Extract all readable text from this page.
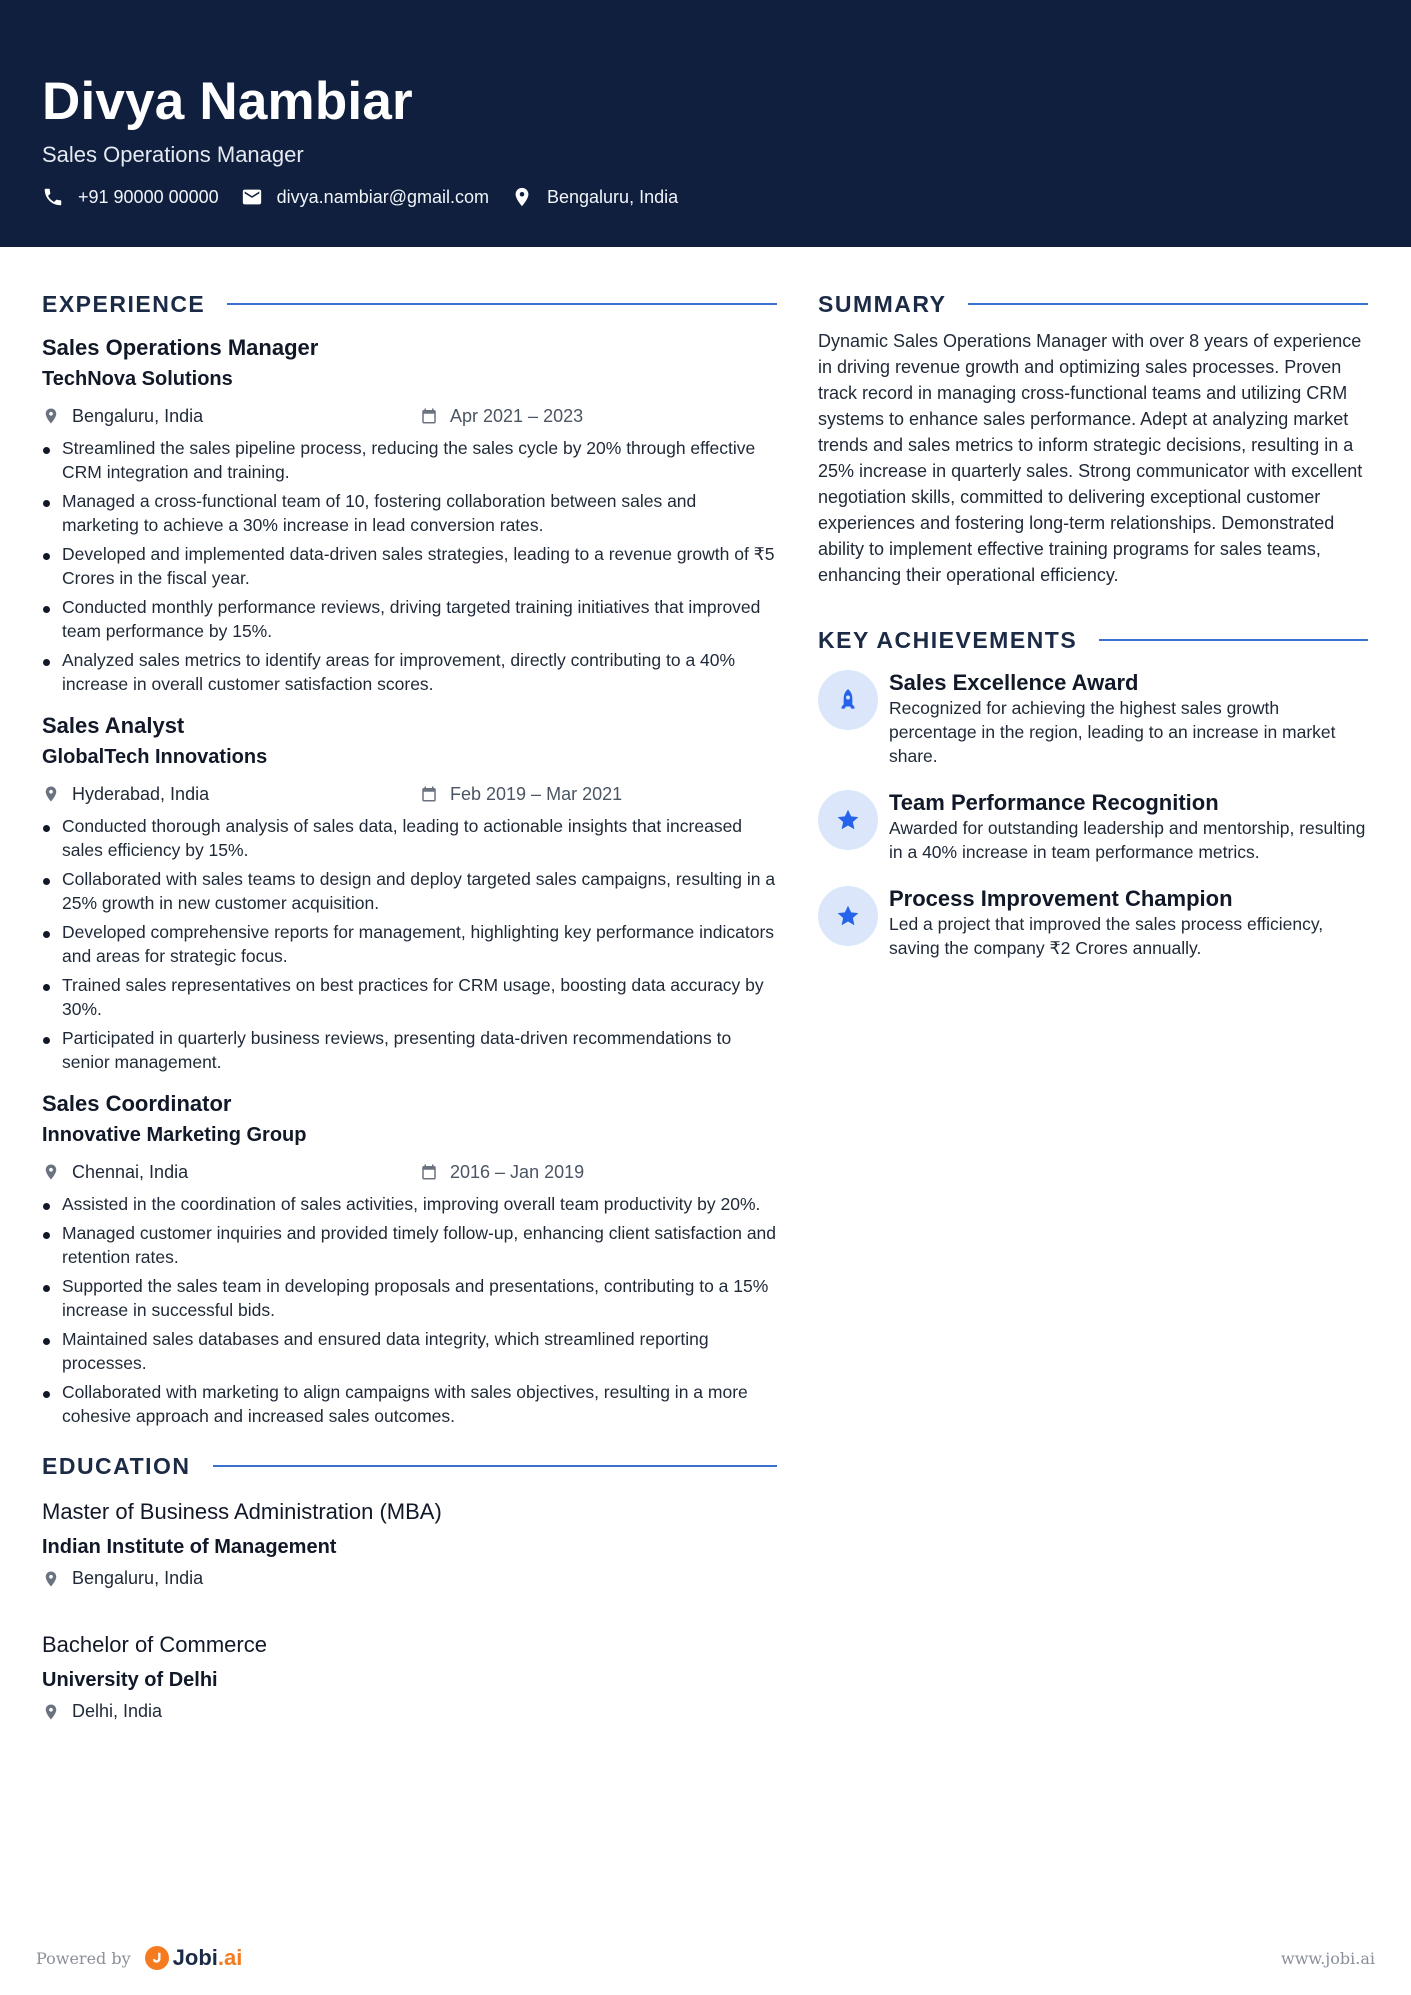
Divya Nambiar
Sales Operations Manager
+91 90000 00000	divya.nambiar@gmail.com	Bengaluru, India
EXPERIENCE
Sales Operations Manager
TechNova Solutions
Bengaluru, India	Apr 2021 – 2023
Streamlined the sales pipeline process, reducing the sales cycle by 20% through effective CRM integration and training.
Managed a cross-functional team of 10, fostering collaboration between sales and marketing to achieve a 30% increase in lead conversion rates.
Developed and implemented data-driven sales strategies, leading to a revenue growth of ₹5 Crores in the fiscal year.
Conducted monthly performance reviews, driving targeted training initiatives that improved team performance by 15%.
Analyzed sales metrics to identify areas for improvement, directly contributing to a 40% increase in overall customer satisfaction scores.
Sales Analyst
GlobalTech Innovations
Hyderabad, India	Feb 2019 – Mar 2021
Conducted thorough analysis of sales data, leading to actionable insights that increased sales efficiency by 15%.
Collaborated with sales teams to design and deploy targeted sales campaigns, resulting in a 25% growth in new customer acquisition.
Developed comprehensive reports for management, highlighting key performance indicators and areas for strategic focus.
Trained sales representatives on best practices for CRM usage, boosting data accuracy by 30%.
Participated in quarterly business reviews, presenting data-driven recommendations to senior management.
Sales Coordinator
Innovative Marketing Group
Chennai, India	2016 – Jan 2019
Assisted in the coordination of sales activities, improving overall team productivity by 20%.
Managed customer inquiries and provided timely follow-up, enhancing client satisfaction and retention rates.
Supported the sales team in developing proposals and presentations, contributing to a 15% increase in successful bids.
Maintained sales databases and ensured data integrity, which streamlined reporting processes.
Collaborated with marketing to align campaigns with sales objectives, resulting in a more cohesive approach and increased sales outcomes.
EDUCATION
Master of Business Administration (MBA)
Indian Institute of Management
Bengaluru, India
Bachelor of Commerce
University of Delhi
Delhi, India
SUMMARY

Dynamic Sales Operations Manager with over 8 years of experience in driving revenue growth and optimizing sales processes. Proven track record in managing cross-functional teams and utilizing CRM systems to enhance sales performance. Adept at analyzing market trends and sales metrics to inform strategic decisions, resulting in a 25% increase in quarterly sales. Strong communicator with excellent negotiation skills, committed to delivering exceptional customer experiences and fostering long-term relationships. Demonstrated ability to implement effective training programs for sales teams, enhancing their operational efficiency.

KEY ACHIEVEMENTS
Sales Excellence Award
Recognized for achieving the highest sales growth percentage in the region, leading to an increase in market share.
Team Performance Recognition
Awarded for outstanding leadership and mentorship, resulting in a 40% increase in team performance metrics.
Process Improvement Champion
Led a project that improved the sales process efficiency, saving the company ₹2 Crores annually.
Powered by Jobi .ai	www.jobi.ai
